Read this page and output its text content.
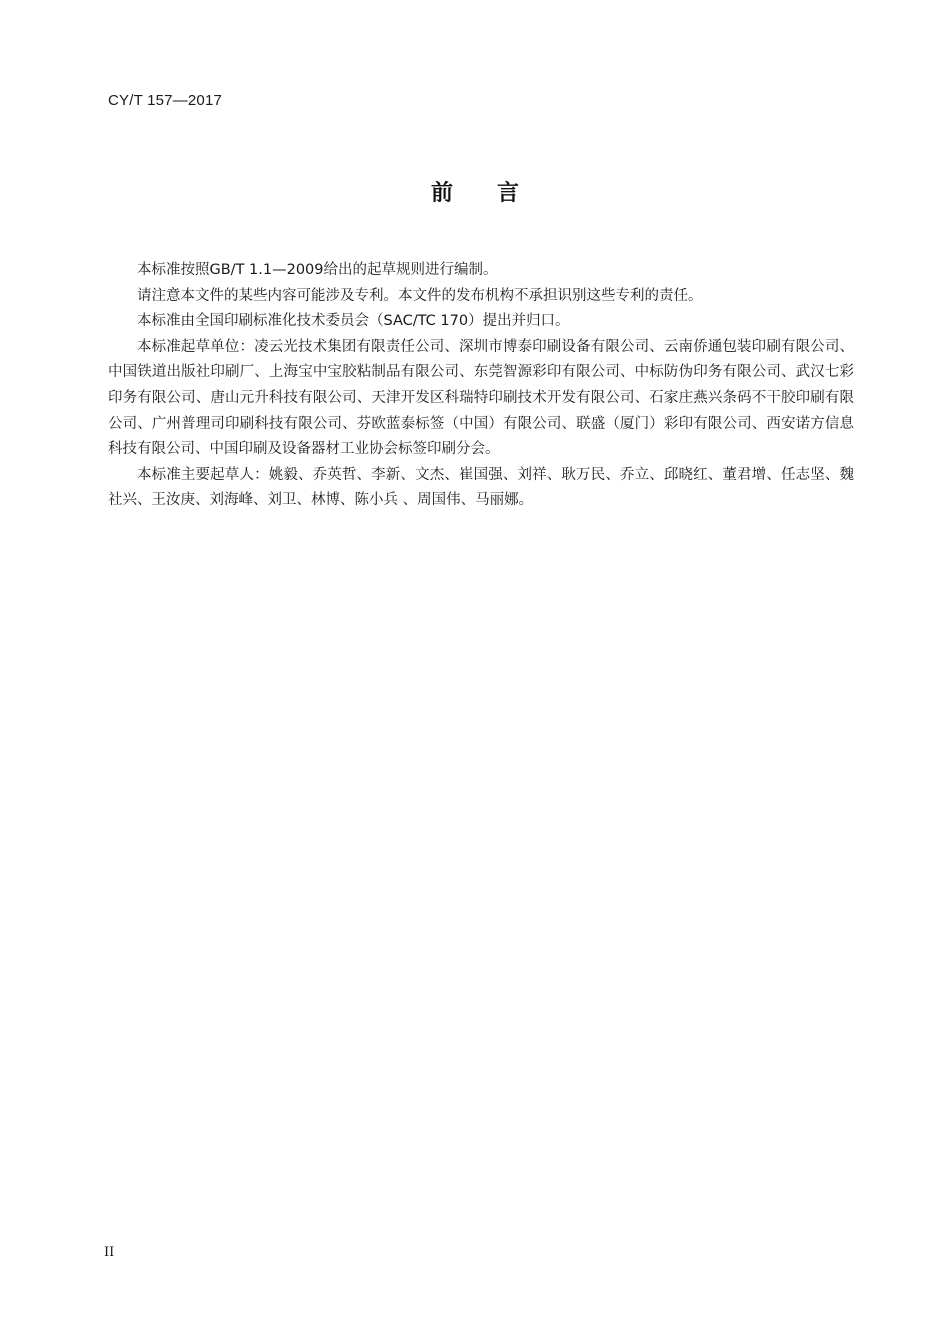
CY/T 157—2017
前言

本标准按照GB/T 1.1—2009给出的起草规则进行编制。

请注意本文件的某些内容可能涉及专利。本文件的发布机构不承担识别这些专利的责任。

本标准由全国印刷标准化技术委员会（SAC/TC 170）提出并归口。

本标准起草单位：凌云光技术集团有限责任公司、深圳市博泰印刷设备有限公司、云南侨通包装印刷有限公司、中国铁道出版社印刷厂、上海宝中宝胶粘制品有限公司、东莞智源彩印有限公司、中标防伪印务有限公司、武汉七彩印务有限公司、唐山元升科技有限公司、天津开发区科瑞特印刷技术开发有限公司、石家庄燕兴条码不干胶印刷有限公司、广州普理司印刷科技有限公司、芬欧蓝泰标签（中国）有限公司、联盛（厦门）彩印有限公司、西安诺方信息科技有限公司、中国印刷及设备器材工业协会标签印刷分会。

本标准主要起草人：姚毅、乔英哲、李新、文杰、崔国强、刘祥、耿万民、乔立、邱晓红、董君增、任志坚、魏社兴、王汝庚、刘海峰、刘卫、林博、陈小兵 、周国伟、马丽娜。

II
